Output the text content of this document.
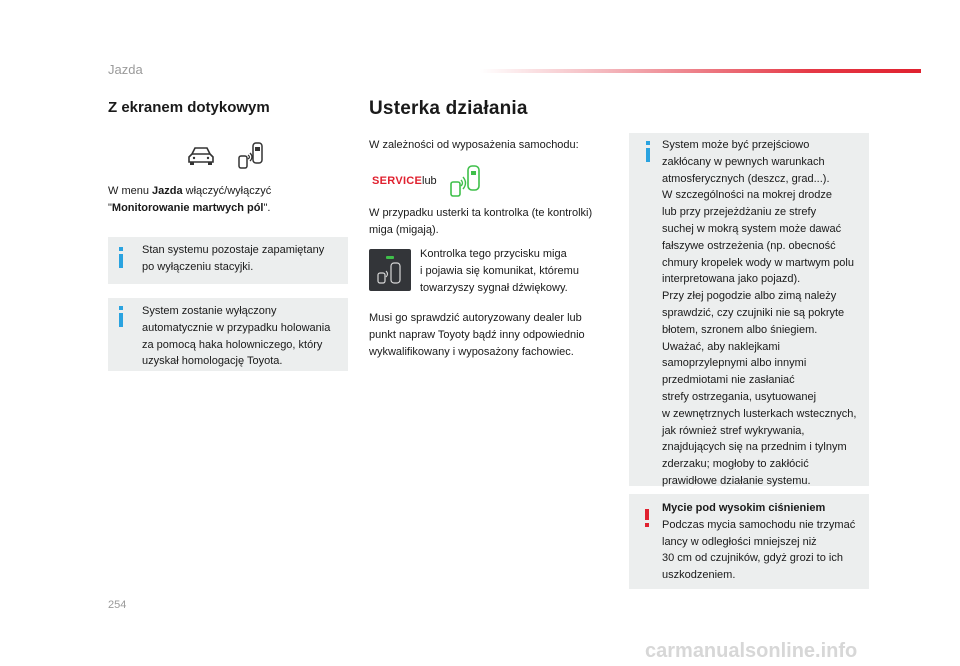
Jazda
Z ekranem dotykowym
W menu Jazda włączyć/wyłączyć
"Monitorowanie martwych pól".
Stan systemu pozostaje zapamiętany
po wyłączeniu stacyjki.
System zostanie wyłączony
automatycznie w przypadku holowania
za pomocą haka holowniczego, który
uzyskał homologację Toyota.
Usterka działania
W zależności od wyposażenia samochodu:
SERVICE lub
W przypadku usterki ta kontrolka (te kontrolki)
miga (migają).
Kontrolka tego przycisku miga
i pojawia się komunikat, któremu
towarzyszy sygnał dźwiękowy.
Musi go sprawdzić autoryzowany dealer lub
punkt napraw Toyoty bądź inny odpowiednio
wykwalifikowany i wyposażony fachowiec.
System może być przejściowo
zakłócany w pewnych warunkach
atmosferycznych (deszcz, grad...).
W szczególności na mokrej drodze
lub przy przejeżdżaniu ze strefy
suchej w mokrą system może dawać
fałszywe ostrzeżenia (np. obecność
chmury kropelek wody w martwym polu
interpretowana jako pojazd).
Przy złej pogodzie albo zimą należy
sprawdzić, czy czujniki nie są pokryte
błotem, szronem albo śniegiem.
Uważać, aby naklejkami
samoprzylepnymi albo innymi
przedmiotami nie zasłaniać
strefy ostrzegania, usytuowanej
w zewnętrznych lusterkach wstecznych,
jak również stref wykrywania,
znajdujących się na przednim i tylnym
zderzaku; mogłoby to zakłócić
prawidłowe działanie systemu.
Mycie pod wysokim ciśnieniem
Podczas mycia samochodu nie trzymać
lancy w odległości mniejszej niż
30 cm od czujników, gdyż grozi to ich
uszkodzeniem.
254
carmanualsonline.info
